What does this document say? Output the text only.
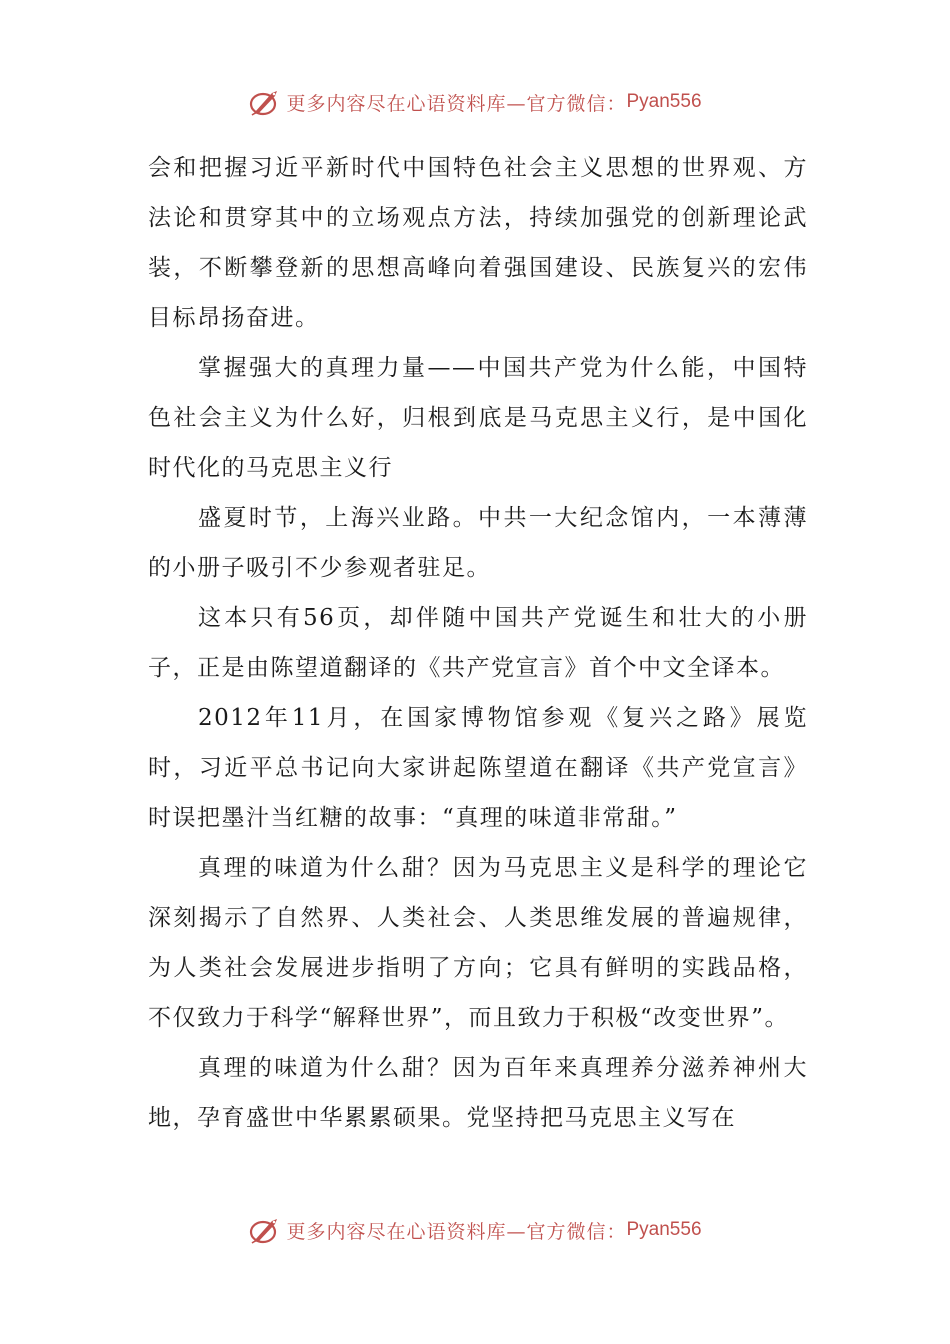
更多内容尽在心语资料库—官方微信： Pyan556

会和把握习近平新时代中国特色社会主义思想的世界观、方法论和贯穿其中的立场观点方法，持续加强党的创新理论武装，不断攀登新的思想高峰向着强国建设、民族复兴的宏伟目标昂扬奋进。

掌握强大的真理力量——中国共产党为什么能，中国特色社会主义为什么好，归根到底是马克思主义行，是中国化时代化的马克思主义行

盛夏时节，上海兴业路。中共一大纪念馆内，一本薄薄的小册子吸引不少参观者驻足。

这本只有56页，却伴随中国共产党诞生和壮大的小册子，正是由陈望道翻译的《共产党宣言》首个中文全译本。

2012年11月，在国家博物馆参观《复兴之路》展览时，习近平总书记向大家讲起陈望道在翻译《共产党宣言》时误把墨汁当红糖的故事：“真理的味道非常甜。”

真理的味道为什么甜？因为马克思主义是科学的理论它深刻揭示了自然界、人类社会、人类思维发展的普遍规律，为人类社会发展进步指明了方向；它具有鲜明的实践品格，不仅致力于科学“解释世界”，而且致力于积极“改变世界”。

真理的味道为什么甜？因为百年来真理养分滋养神州大地，孕育盛世中华累累硕果。党坚持把马克思主义写在

更多内容尽在心语资料库—官方微信： Pyan556
